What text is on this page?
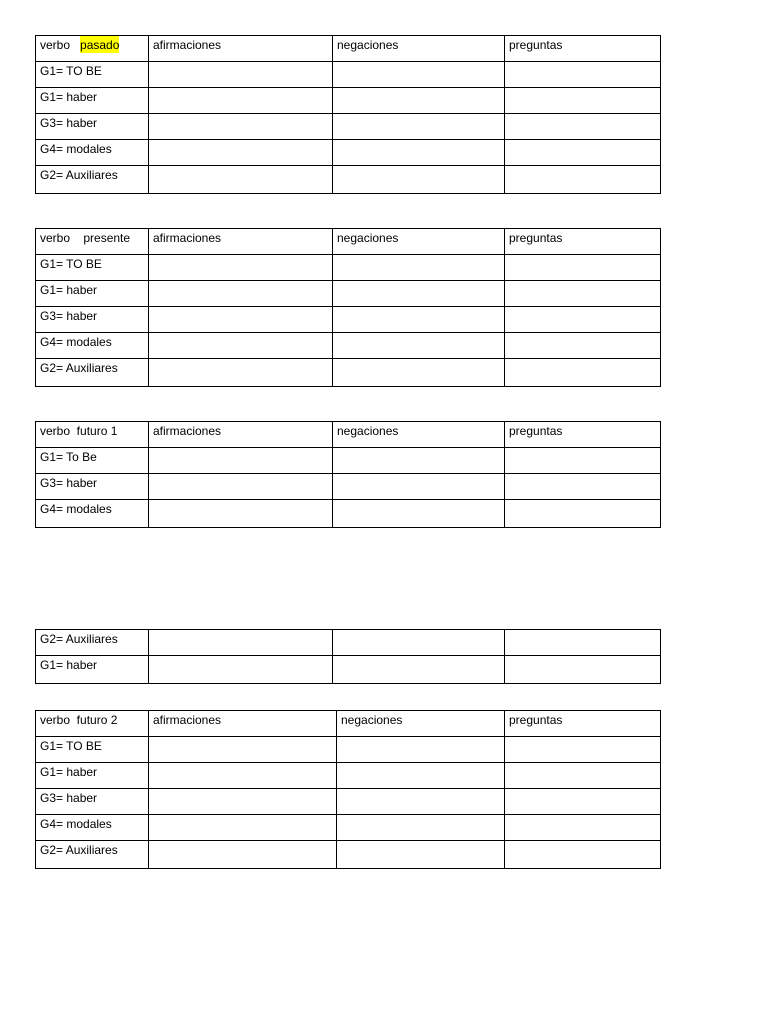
verbo   pasado	afirmaciones	negaciones	preguntas
G1= TO BE			
G1= haber			
G3= haber			
G4= modales			
G2= Auxiliares			
verbo    presente	afirmaciones	negaciones	preguntas
G1= TO BE			
G1= haber			
G3= haber			
G4= modales			
G2= Auxiliares			
verbo  futuro 1	afirmaciones	negaciones	preguntas
G1= To Be			
G3= haber			
G4= modales			
G2= Auxiliares			
G1= haber			
verbo  futuro 2	afirmaciones	negaciones	preguntas
G1= TO BE			
G1= haber			
G3= haber			
G4= modales			
G2= Auxiliares			
